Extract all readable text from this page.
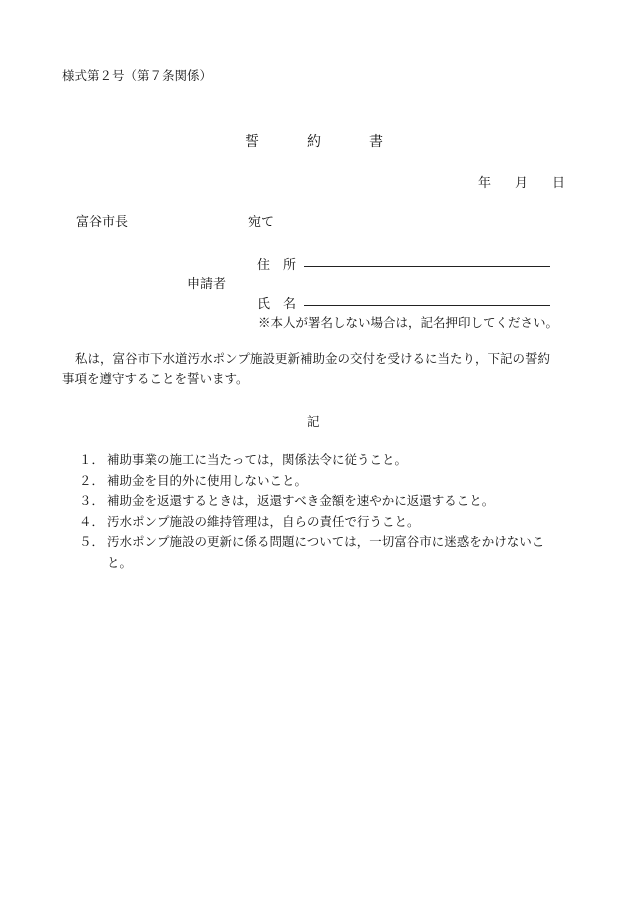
様式第２号（第７条関係）
誓	約	書
年 月 日
富谷市長	宛て
住 所
申請者
氏 名
※本人が署名しない場合は，記名押印してください。
私は，富谷市下水道汚水ポンプ施設更新補助金の交付を受けるに当たり，下記の誓約事項を遵守することを誓います。
記
１． 補助事業の施工に当たっては，関係法令に従うこと。
２． 補助金を目的外に使用しないこと。
３． 補助金を返還するときは，返還すべき金額を速やかに返還すること。
４． 汚水ポンプ施設の維持管理は，自らの責任で行うこと。
５． 汚水ポンプ施設の更新に係る問題については，一切富谷市に迷惑をかけないこと。
